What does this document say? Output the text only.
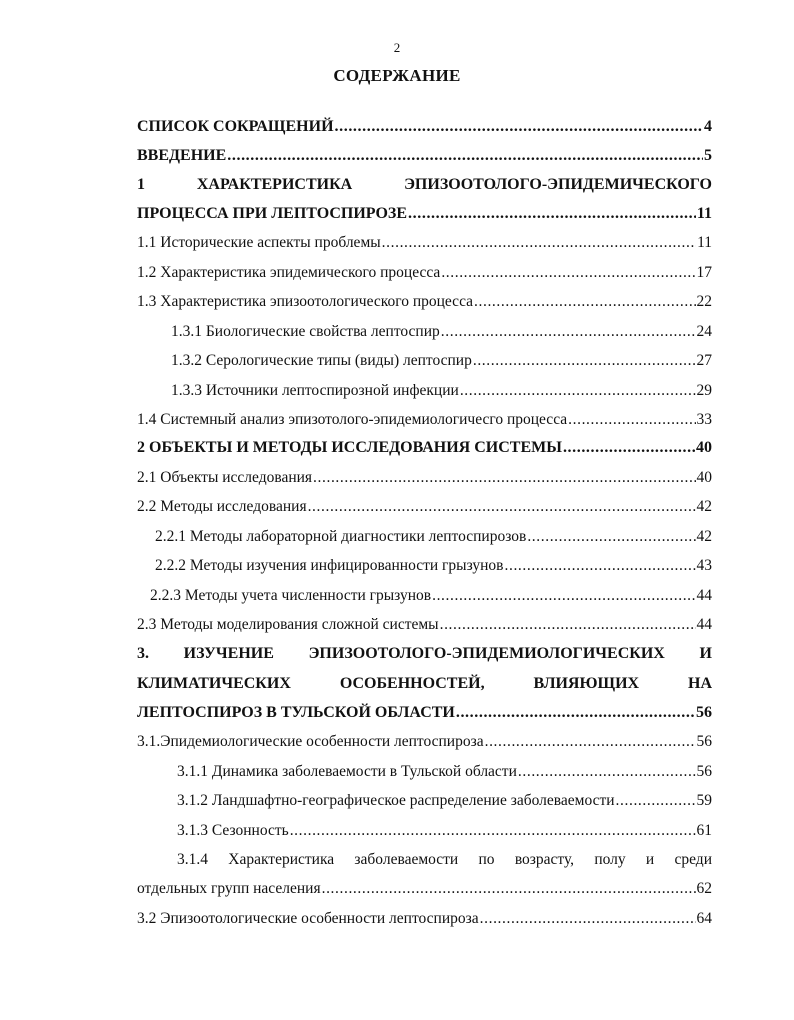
2
СОДЕРЖАНИЕ
СПИСОК СОКРАЩЕНИЙ .....	4
ВВЕДЕНИЕ .....	5
1 ХАРАКТЕРИСТИКА ЭПИЗООТОЛОГО-ЭПИДЕМИЧЕСКОГО
ПРОЦЕССА ПРИ ЛЕПТОСПИРОЗЕ .....	11
1.1 Исторические аспекты проблемы .....	11
1.2 Характеристика эпидемического процесса .....	17
1.3 Характеристика эпизоотологического процесса .....	22
1.3.1 Биологические свойства лептоспир .....	24
1.3.2 Серологические типы (виды) лептоспир .....	27
1.3.3 Источники лептоспирозной инфекции .....	29
1.4 Системный анализ эпизотолого-эпидемиологичесго процесса .....	33
2 ОБЪЕКТЫ И МЕТОДЫ ИССЛЕДОВАНИЯ СИСТЕМЫ .....	40
2.1 Объекты исследования .....	40
2.2 Методы исследования .....	42
2.2.1 Методы лабораторной диагностики лептоспирозов .....	42
2.2.2 Методы изучения инфицированности грызунов .....	43
2.2.3 Методы учета численности грызунов .....	44
2.3 Методы моделирования сложной системы .....	44
3. ИЗУЧЕНИЕ ЭПИЗООТОЛОГО-ЭПИДЕМИОЛОГИЧЕСКИХ И
КЛИМАТИЧЕСКИХ ОСОБЕННОСТЕЙ, ВЛИЯЮЩИХ НА
ЛЕПТОСПИРОЗ В ТУЛЬСКОЙ ОБЛАСТИ .....	56
3.1.Эпидемиологические особенности лептоспироза .....	56
3.1.1 Динамика заболеваемости в Тульской области .....	56
3.1.2 Ландшафтно-географическое распределение заболеваемости .....	59
3.1.3 Сезонность .....	61
3.1.4 Характеристика заболеваемости по возрасту, полу и среди
отдельных групп населения .....	62
3.2 Эпизоотологические особенности лептоспироза .....	64
